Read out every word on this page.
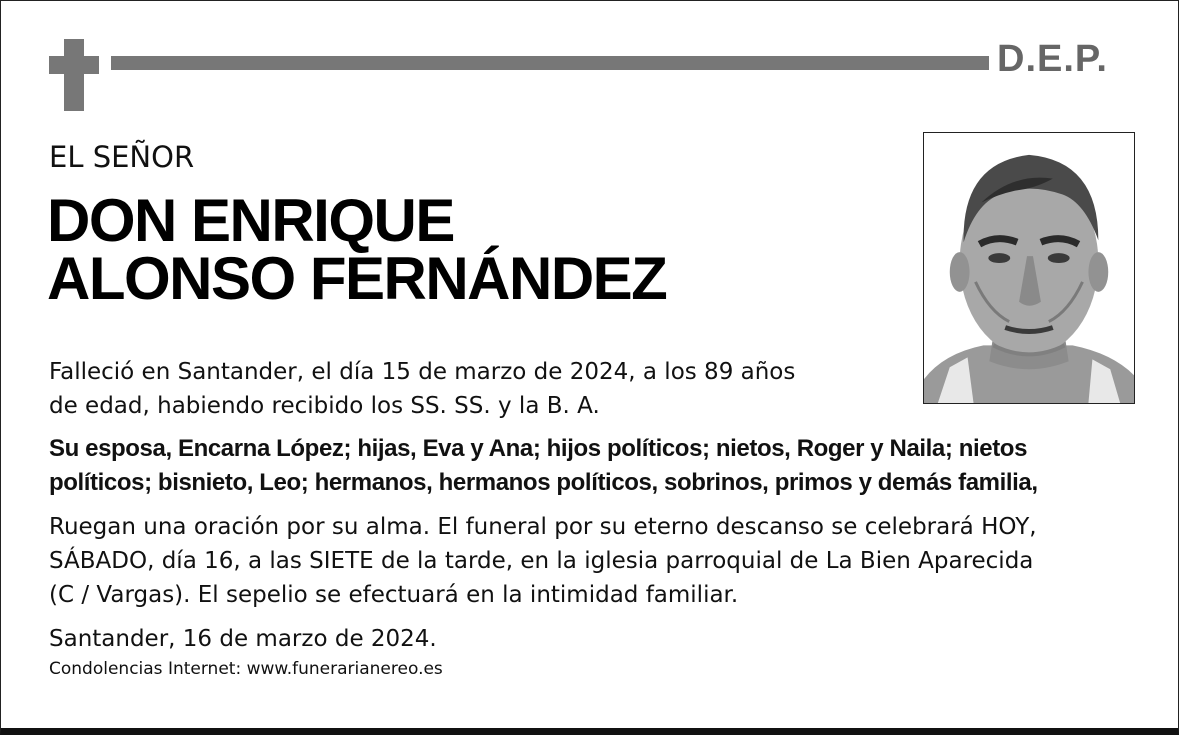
D.E.P.
EL SEÑOR
DON ENRIQUE
ALONSO FERNÁNDEZ
Falleció en Santander, el día 15 de marzo de 2024, a los 89 años
de edad, habiendo recibido los SS. SS. y la B. A.
Su esposa, Encarna López; hijas, Eva y Ana; hijos políticos; nietos, Roger y Naila; nietos
políticos; bisnieto, Leo; hermanos, hermanos políticos, sobrinos, primos y demás familia,
Ruegan una oración por su alma. El funeral por su eterno descanso se celebrará HOY,
SÁBADO, día 16, a las SIETE de la tarde, en la iglesia parroquial de La Bien Aparecida
(C / Vargas). El sepelio se efectuará en la intimidad familiar.
Santander, 16 de marzo de 2024.
Condolencias Internet: www.funerarianereo.es
